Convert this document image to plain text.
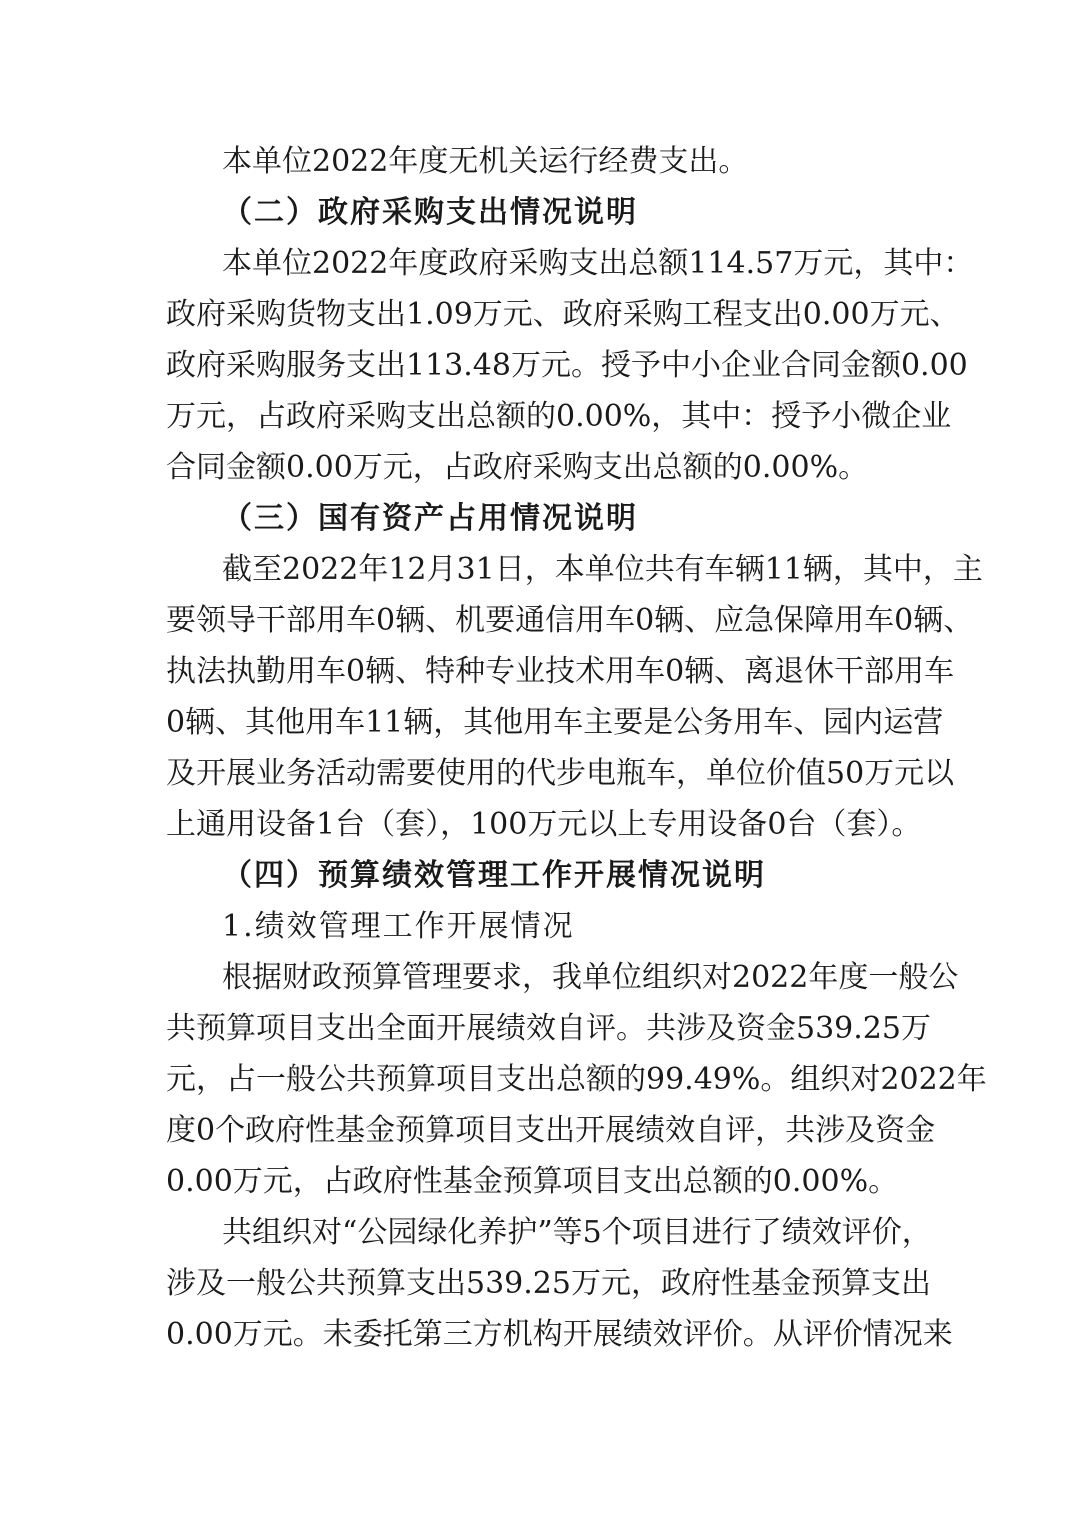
本单位2022年度无机关运行经费支出。
（二）政府采购支出情况说明
本单位2022年度政府采购支出总额114.57万元，其中：
政府采购货物支出1.09万元、政府采购工程支出0.00万元、
政府采购服务支出113.48万元。授予中小企业合同金额0.00
万元，占政府采购支出总额的0.00%，其中：授予小微企业
合同金额0.00万元，占政府采购支出总额的0.00%。
（三）国有资产占用情况说明
截至2022年12月31日，本单位共有车辆11辆，其中，主
要领导干部用车0辆、机要通信用车0辆、应急保障用车0辆、
执法执勤用车0辆、特种专业技术用车0辆、离退休干部用车
0辆、其他用车11辆，其他用车主要是公务用车、园内运营
及开展业务活动需要使用的代步电瓶车，单位价值50万元以
上通用设备1台（套），100万元以上专用设备0台（套）。
（四）预算绩效管理工作开展情况说明
1.绩效管理工作开展情况
根据财政预算管理要求，我单位组织对2022年度一般公
共预算项目支出全面开展绩效自评。共涉及资金539.25万
元，占一般公共预算项目支出总额的99.49%。组织对2022年
度0个政府性基金预算项目支出开展绩效自评，共涉及资金
0.00万元，占政府性基金预算项目支出总额的0.00%。
共组织对“公园绿化养护”等5个项目进行了绩效评价，
涉及一般公共预算支出539.25万元，政府性基金预算支出
0.00万元。未委托第三方机构开展绩效评价。从评价情况来
